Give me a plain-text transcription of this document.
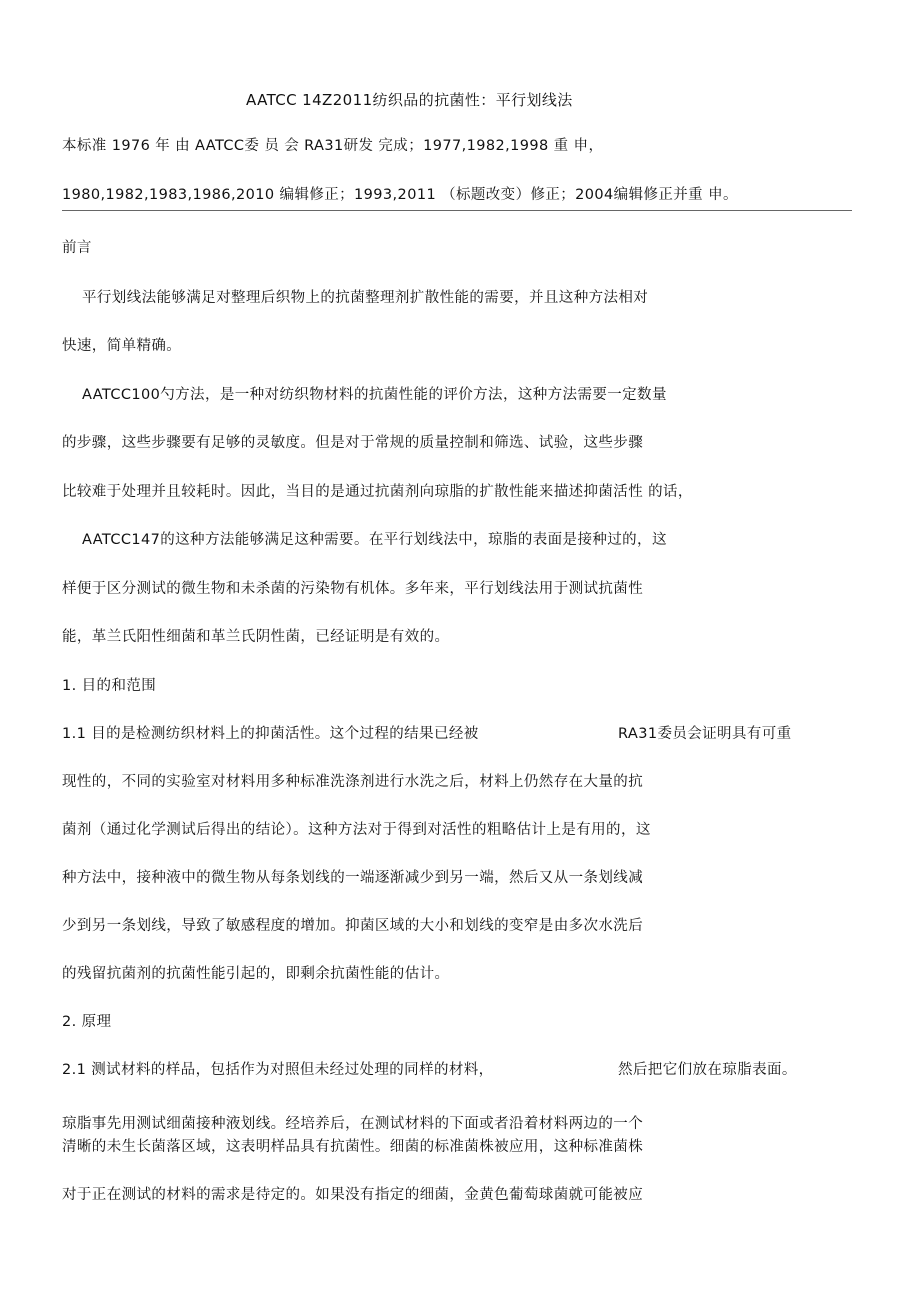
AATCC 14Z2011纺织品的抗菌性：平行划线法
本标准 1976 年 由 AATCC委 员 会 RA31研发 完成；1977,1982,1998 重 申，
1980,1982,1983,1986,2010 编辑修正；1993,2011 （标题改变）修正；2004编辑修正并重 申。
前言
平行划线法能够满足对整理后织物上的抗菌整理剂扩散性能的需要，并且这种方法相对
快速，简单精确。
AATCC100勺方法，是一种对纺织物材料的抗菌性能的评价方法，这种方法需要一定数量
的步骤，这些步骤要有足够的灵敏度。但是对于常规的质量控制和筛选、试验，这些步骤
比较难于处理并且较耗时。因此，当目的是通过抗菌剂向琼脂的扩散性能来描述抑菌活性 的话，
AATCC147的这种方法能够满足这种需要。在平行划线法中，琼脂的表面是接种过的，这
样便于区分测试的微生物和未杀菌的污染物有机体。多年来，平行划线法用于测试抗菌性
能，革兰氏阳性细菌和革兰氏阴性菌，已经证明是有效的。
1. 目的和范围
1.1 目的是检测纺织材料上的抑菌活性。这个过程的结果已经被	RA31委员会证明具有可重
现性的，不同的实验室对材料用多种标准洗涤剂进行水洗之后，材料上仍然存在大量的抗
菌剂（通过化学测试后得出的结论）。这种方法对于得到对活性的粗略估计上是有用的，这
种方法中，接种液中的微生物从每条划线的一端逐渐减少到另一端，然后又从一条划线减
少到另一条划线，导致了敏感程度的增加。抑菌区域的大小和划线的变窄是由多次水洗后
的残留抗菌剂的抗菌性能引起的，即剩余抗菌性能的估计。
2. 原理
2.1 测试材料的样品，包括作为对照但未经过处理的同样的材料，	然后把它们放在琼脂表面。
琼脂事先用测试细菌接种液划线。经培养后，在测试材料的下面或者沿着材料两边的一个
清晰的未生长菌落区域，这表明样品具有抗菌性。细菌的标准菌株被应用，这种标准菌株
对于正在测试的材料的需求是待定的。如果没有指定的细菌，金黄色葡萄球菌就可能被应
